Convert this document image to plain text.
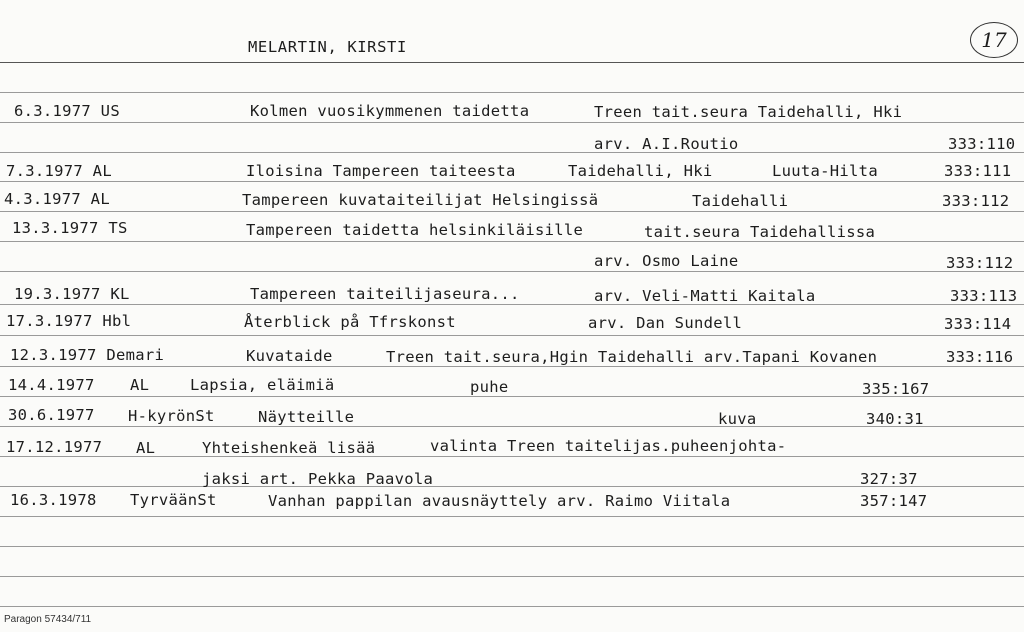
MELARTIN, KIRSTI	17
6.3.1977 US	Kolmen vuosikymmenen taidetta	Treen tait.seura Taidehalli, Hki
arv. A.I.Routio	333:110
7.3.1977 AL	Iloisina Tampereen taiteesta	Taidehalli, Hki	Luuta-Hilta	333:111
4.3.1977 AL	Tampereen kuvataiteilijat Helsingissä	Taidehalli	333:112
13.3.1977 TS	Tampereen taidetta helsinkiläisille	tait.seura Taidehallissa
arv. Osmo Laine	333:112
19.3.1977 KL	Tampereen taiteilijaseura...	arv. Veli-Matti Kaitala	333:113
17.3.1977 Hbl	Återblick på Tfrskonst	arv. Dan Sundell	333:114
12.3.1977 Demari	Kuvataide	Treen tait.seura,Hgin Taidehalli arv.Tapani Kovanen	333:116
14.4.1977 AL	Lapsia, eläimiä	puhe	335:167
30.6.1977 H-kyrönSt	Näytteille	kuva	340:31
17.12.1977 AL	Yhteishenkeä lisää	valinta Treen taitelijas.puheenjohta-
jaksi art. Pekka Paavola	327:37
16.3.1978 TyrväänSt	Vanhan pappilan avausnäyttely arv. Raimo Viitala	357:147
Paragon 57434/711
